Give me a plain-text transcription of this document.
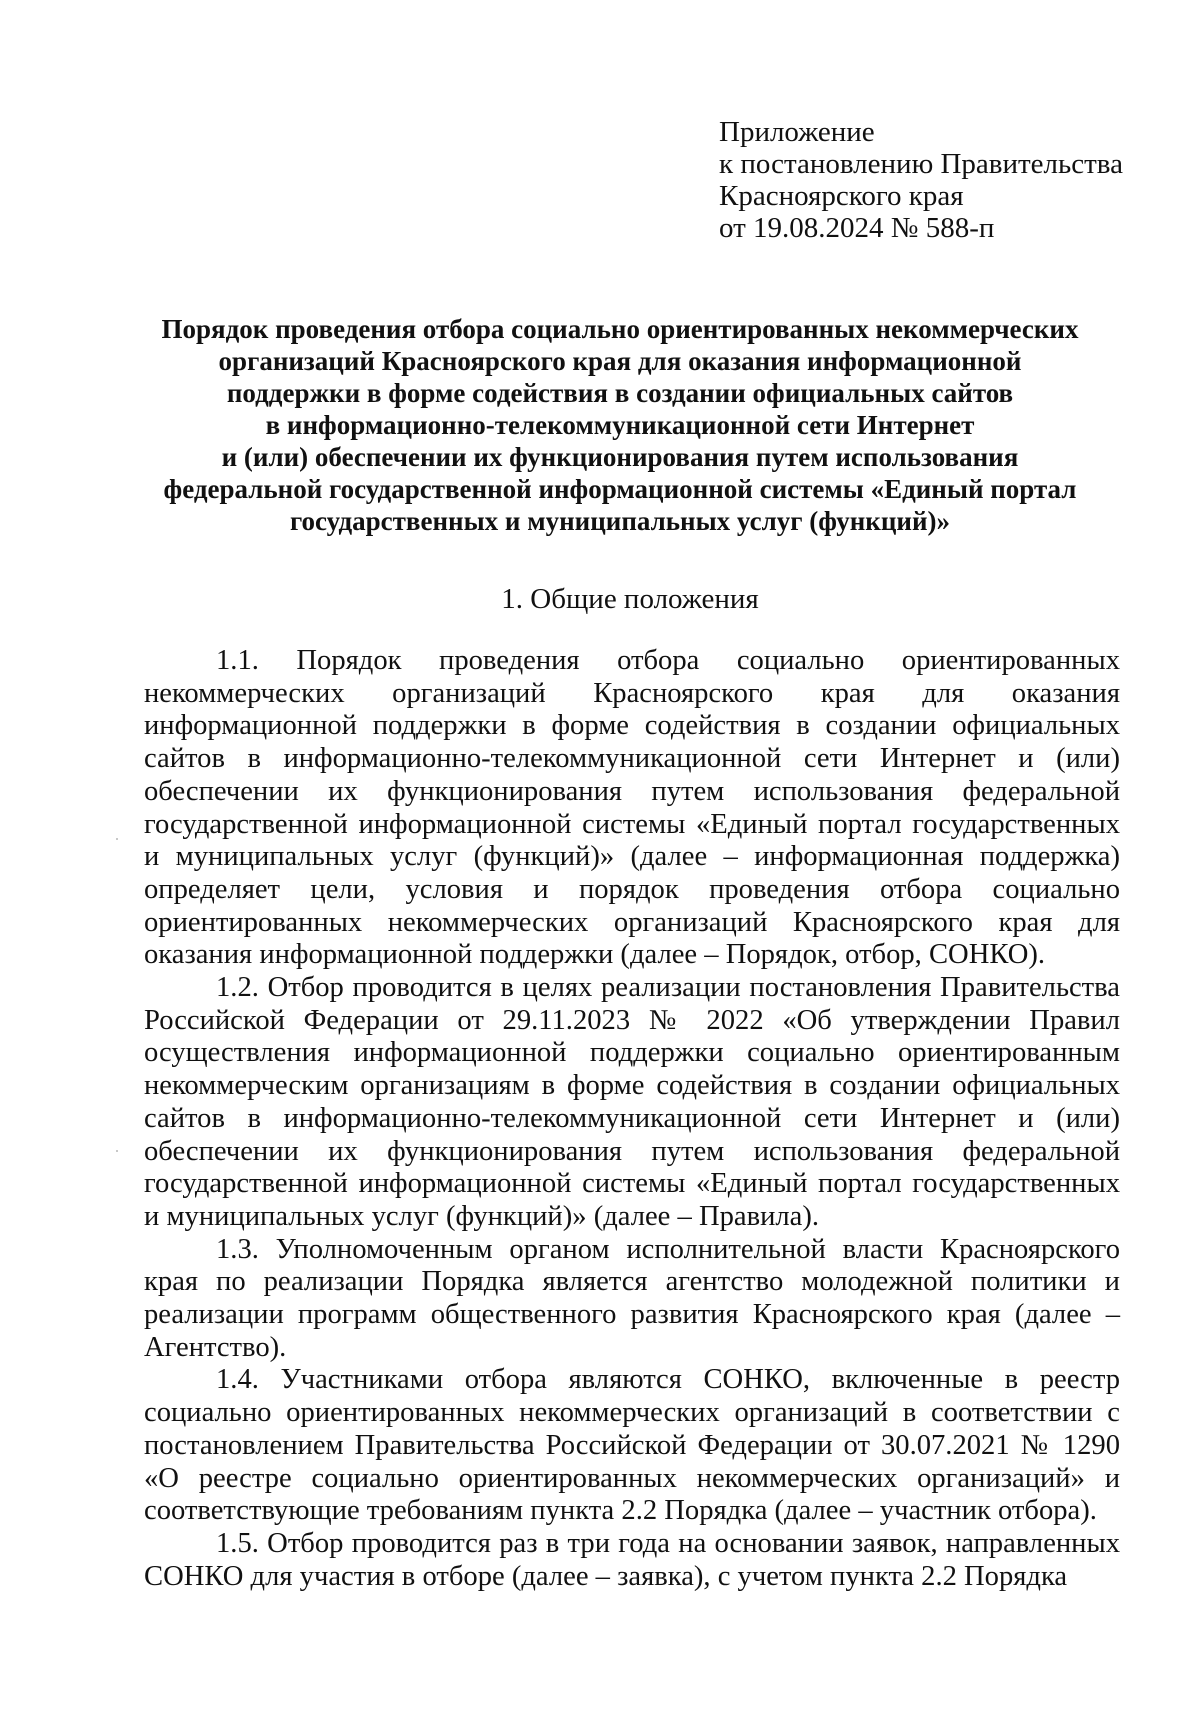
Приложение
к постановлению Правительства
Красноярского края
от 19.08.2024 № 588-п
Порядок проведения отбора социально ориентированных некоммерческих
организаций Красноярского края для оказания информационной
поддержки в форме содействия в создании официальных сайтов
в информационно-телекоммуникационной сети Интернет
и (или) обеспечении их функционирования путем использования
федеральной государственной информационной системы «Единый портал
государственных и муниципальных услуг (функций)»
1. Общие положения

1.1. Порядок проведения отбора социально ориентированных некоммерческих организаций Красноярского края для оказания информационной поддержки в форме содействия в создании официальных сайтов в информационно-телекоммуникационной сети Интернет и (или) обеспечении их функционирования путем использования федеральной государственной информационной системы «Единый портал государственных и муниципальных услуг (функций)» (далее – информационная поддержка) определяет цели, условия и порядок проведения отбора социально ориентированных некоммерческих организаций Красноярского края для оказания информационной поддержки (далее – Порядок, отбор, СОНКО).

1.2. Отбор проводится в целях реализации постановления Правительства Российской Федерации от 29.11.2023 № 2022 «Об утверждении Правил осуществления информационной поддержки социально ориентированным некоммерческим организациям в форме содействия в создании официальных сайтов в информационно-телекоммуникационной сети Интернет и (или) обеспечении их функционирования путем использования федеральной государственной информационной системы «Единый портал государственных и муниципальных услуг (функций)» (далее – Правила).

1.3. Уполномоченным органом исполнительной власти Красноярского края по реализации Порядка является агентство молодежной политики и реализации программ общественного развития Красноярского края (далее – Агентство).

1.4. Участниками отбора являются СОНКО, включенные в реестр социально ориентированных некоммерческих организаций в соответствии с постановлением Правительства Российской Федерации от 30.07.2021 № 1290 «О реестре социально ориентированных некоммерческих организаций» и соответствующие требованиям пункта 2.2 Порядка (далее – участник отбора).

1.5. Отбор проводится раз в три года на основании заявок, направленных СОНКО для участия в отборе (далее – заявка), с учетом пункта 2.2 Порядка
